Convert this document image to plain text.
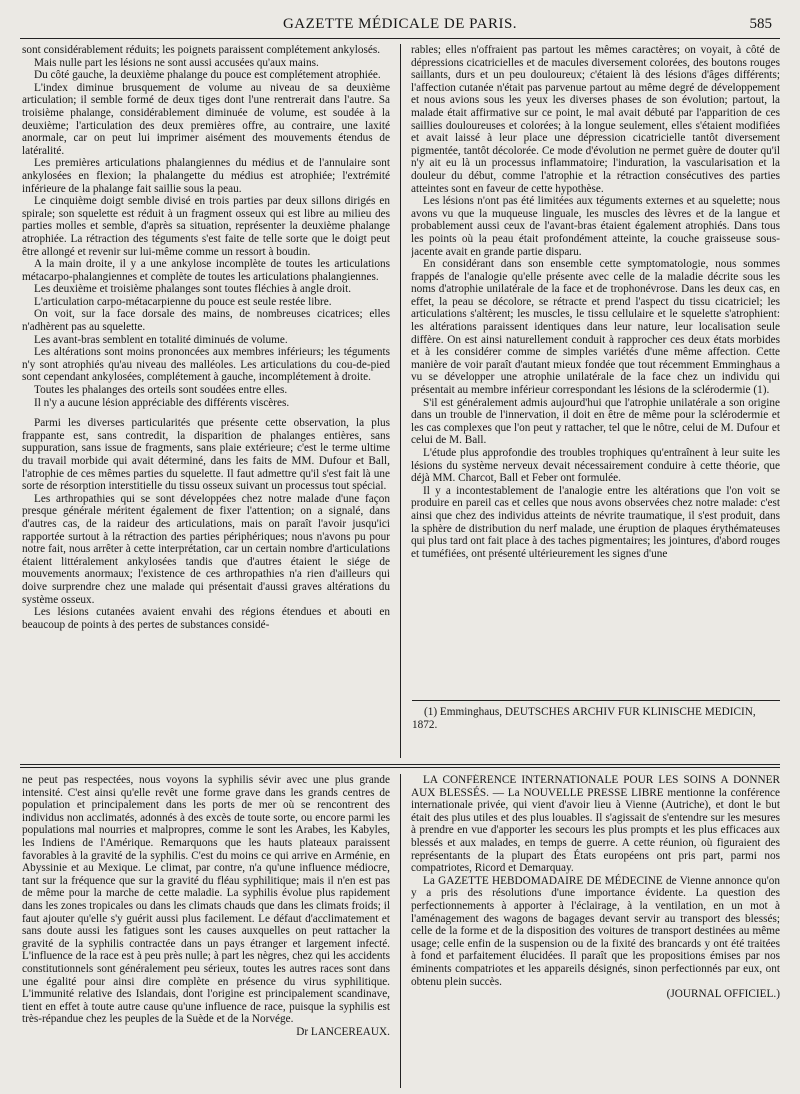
GAZETTE MÉDICALE DE PARIS.	585

sont considérablement réduits; les poignets paraissent complétement ankylosés.

Mais nulle part les lésions ne sont aussi accusées qu'aux mains.

Du côté gauche, la deuxième phalange du pouce est complétement atrophiée.

L'index diminue brusquement de volume au niveau de sa deuxième articulation; il semble formé de deux tiges dont l'une rentrerait dans l'autre. Sa troisième phalange, considérablement diminuée de volume, est soudée à la deuxième; l'articulation des deux premières offre, au contraire, une laxité anormale, car on peut lui imprimer aisément des mouvements étendus de latéralité.

Les premières articulations phalangiennes du médius et de l'annulaire sont ankylosées en flexion; la phalangette du médius est atrophiée; l'extrémité inférieure de la phalange fait saillie sous la peau.

Le cinquième doigt semble divisé en trois parties par deux sillons dirigés en spirale; son squelette est réduit à un fragment osseux qui est libre au milieu des parties molles et semble, d'après sa situation, représenter la deuxième phalange atrophiée. La rétraction des téguments s'est faite de telle sorte que le doigt peut être allongé et revenir sur lui-même comme un ressort à boudin.

A la main droite, il y a une ankylose incomplète de toutes les articulations métacarpo-phalangiennes et complète de toutes les articulations phalangiennes.

Les deuxième et troisième phalanges sont toutes fléchies à angle droit.

L'articulation carpo-métacarpienne du pouce est seule restée libre.

On voit, sur la face dorsale des mains, de nombreuses cicatrices; elles n'adhèrent pas au squelette.

Les avant-bras semblent en totalité diminués de volume.

Les altérations sont moins prononcées aux membres inférieurs; les téguments n'y sont atrophiés qu'au niveau des malléoles. Les articulations du cou-de-pied sont cependant ankylosées, complétement à gauche, incomplétement à droite.

Toutes les phalanges des orteils sont soudées entre elles.

Il n'y a aucune lésion appréciable des différents viscères.

Parmi les diverses particularités que présente cette observation, la plus frappante est, sans contredit, la disparition de phalanges entières, sans suppuration, sans issue de fragments, sans plaie extérieure; c'est le terme ultime du travail morbide qui avait déterminé, dans les faits de MM. Dufour et Ball, l'atrophie de ces mêmes parties du squelette. Il faut admettre qu'il s'est fait là une sorte de résorption interstitielle du tissu osseux suivant un processus tout spécial.

Les arthropathies qui se sont développées chez notre malade d'une façon presque générale méritent également de fixer l'attention; on a signalé, dans d'autres cas, de la raideur des articulations, mais on paraît l'avoir jusqu'ici rapportée surtout à la rétraction des parties périphériques; nous n'avons pu pour notre fait, nous arrêter à cette interprétation, car un certain nombre d'articulations étaient littéralement ankylosées tandis que d'autres étaient le siége de mouvements anormaux; l'existence de ces arthropathies n'a rien d'ailleurs qui doive surprendre chez une malade qui présentait d'aussi graves altérations du système osseux.

Les lésions cutanées avaient envahi des régions étendues et abouti en beaucoup de points à des pertes de substances considé-

rables; elles n'offraient pas partout les mêmes caractères; on voyait, à côté de dépressions cicatricielles et de macules diversement colorées, des boutons rouges saillants, durs et un peu douloureux; c'étaient là des lésions d'âges différents; l'affection cutanée n'était pas parvenue partout au même degré de développement et nous avions sous les yeux les diverses phases de son évolution; partout, la malade était affirmative sur ce point, le mal avait débuté par l'apparition de ces saillies douloureuses et colorées; à la longue seulement, elles s'étaient modifiées et avait laissé à leur place une dépression cicatricielle tantôt diversement pigmentée, tantôt décolorée. Ce mode d'évolution ne permet guère de douter qu'il n'y ait eu là un processus inflammatoire; l'induration, la vascularisation et la douleur du début, comme l'atrophie et la rétraction consécutives des parties atteintes sont en faveur de cette hypothèse.

Les lésions n'ont pas été limitées aux téguments externes et au squelette; nous avons vu que la muqueuse linguale, les muscles des lèvres et de la langue et probablement aussi ceux de l'avant-bras étaient également atrophiés. Dans tous les points où la peau était profondément atteinte, la couche graisseuse sous-jacente avait en grande partie disparu.

En considérant dans son ensemble cette symptomatologie, nous sommes frappés de l'analogie qu'elle présente avec celle de la maladie décrite sous les noms d'atrophie unilatérale de la face et de trophonévrose. Dans les deux cas, en effet, la peau se décolore, se rétracte et prend l'aspect du tissu cicatriciel; les articulations s'altèrent; les muscles, le tissu cellulaire et le squelette s'atrophient: les altérations paraissent identiques dans leur nature, leur localisation seule diffère. On est ainsi naturellement conduit à rapprocher ces deux états morbides et à les considérer comme de simples variétés d'une même affection. Cette manière de voir paraît d'autant mieux fondée que tout récemment Emminghaus a vu se développer une atrophie unilatérale de la face chez un individu qui présentait au membre inférieur correspondant les lésions de la sclérodermie (1).

S'il est généralement admis aujourd'hui que l'atrophie unilatérale a son origine dans un trouble de l'innervation, il doit en être de même pour la sclérodermie et les cas complexes que l'on peut y rattacher, tel que le nôtre, celui de M. Dufour et celui de M. Ball.

L'étude plus approfondie des troubles trophiques qu'entraînent à leur suite les lésions du système nerveux devait nécessairement conduire à cette théorie, que déjà MM. Charcot, Ball et Feber ont formulée.

Il y a incontestablement de l'analogie entre les altérations que l'on voit se produire en pareil cas et celles que nous avons observées chez notre malade: c'est ainsi que chez des individus atteints de névrite traumatique, il s'est produit, dans la sphère de distribution du nerf malade, une éruption de plaques érythémateuses qui plus tard ont fait place à des taches pigmentaires; les jointures, d'abord rouges et tuméfiées, ont présenté ultérieurement les signes d'une

(1) Emminghaus, DEUTSCHES ARCHIV FUR KLINISCHE MEDICIN, 1872.

ne peut pas respectées, nous voyons la syphilis sévir avec une plus grande intensité. C'est ainsi qu'elle revêt une forme grave dans les grands centres de population et principalement dans les ports de mer où se rencontrent des individus non acclimatés, adonnés à des excès de toute sorte, ou encore parmi les populations mal nourries et malpropres, comme le sont les Arabes, les Kabyles, les Indiens de l'Amérique. Remarquons que les hauts plateaux paraissent favorables à la gravité de la syphilis. C'est du moins ce qui arrive en Arménie, en Abyssinie et au Mexique. Le climat, par contre, n'a qu'une influence médiocre, tant sur la fréquence que sur la gravité du fléau syphilitique; mais il n'en est pas de même pour la marche de cette maladie. La syphilis évolue plus rapidement dans les zones tropicales ou dans les climats chauds que dans les climats froids; il faut ajouter qu'elle s'y guérit aussi plus facilement. Le défaut d'acclimatement et sans doute aussi les fatigues sont les causes auxquelles on peut rattacher la gravité de la syphilis contractée dans un pays étranger et largement infecté. L'influence de la race est à peu près nulle; à part les nègres, chez qui les accidents constitutionnels sont généralement peu sérieux, toutes les autres races sont dans une égalité pour ainsi dire complète en présence du virus syphilitique. L'immunité relative des Islandais, dont l'origine est principalement scandinave, tient en effet à toute autre cause qu'une influence de race, puisque la syphilis est très-répandue chez les peuples de la Suède et de la Norvége.

Dr LANCEREAUX.

LA CONFÉRENCE INTERNATIONALE POUR LES SOINS A DONNER AUX BLESSÉS. — La NOUVELLE PRESSE LIBRE mentionne la conférence internationale privée, qui vient d'avoir lieu à Vienne (Autriche), et dont le but était des plus utiles et des plus louables. Il s'agissait de s'entendre sur les mesures à prendre en vue d'apporter les secours les plus prompts et les plus efficaces aux blessés et aux malades, en temps de guerre. A cette réunion, où figuraient des représentants de la plupart des États européens ont pris part, parmi nos compatriotes, Ricord et Demarquay.

La GAZETTE HEBDOMADAIRE DE MÉDECINE de Vienne annonce qu'on y a pris des résolutions d'une importance évidente. La question des perfectionnements à apporter à l'éclairage, à la ventilation, en un mot à l'aménagement des wagons de bagages devant servir au transport des blessés; celle de la forme et de la disposition des voitures de transport destinées au même usage; celle enfin de la suspension ou de la fixité des brancards y ont été traitées à fond et parfaitement élucidées. Il paraît que les propositions émises par nos éminents compatriotes et les appareils désignés, sinon perfectionnés par eux, ont obtenu plein succès.

(JOURNAL OFFICIEL.)
